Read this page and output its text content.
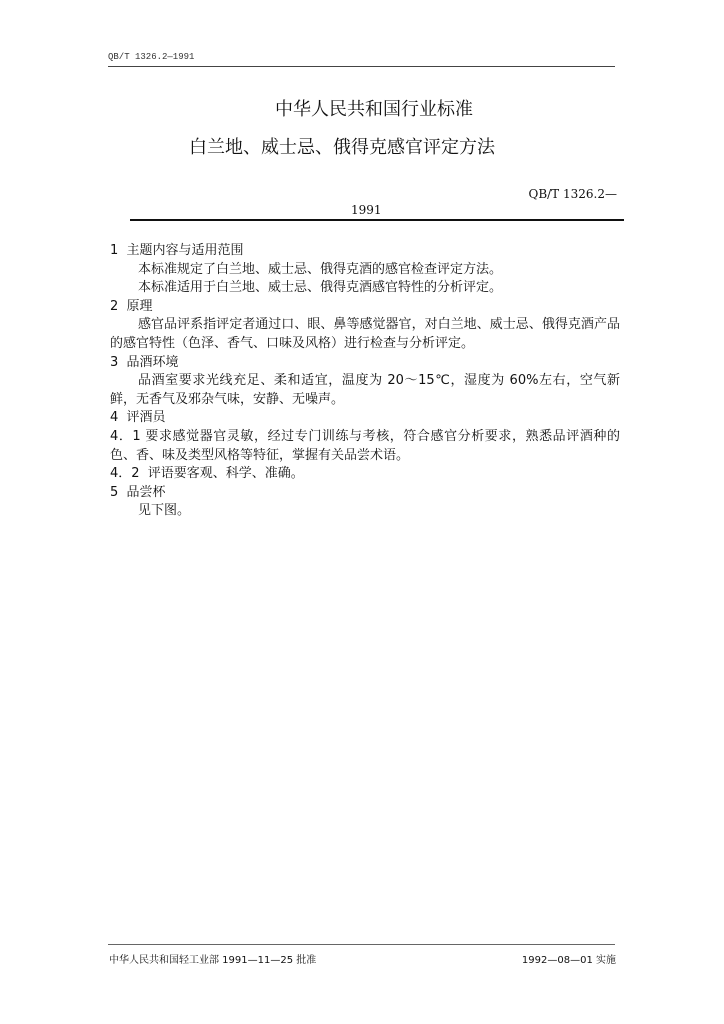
QB/T 1326.2—1991
中华人民共和国行业标准
白兰地、威士忌、俄得克感官评定方法
QB/T 1326.2—
1991
1  主题内容与适用范围
本标准规定了白兰地、威士忌、俄得克酒的感官检查评定方法。
本标准适用于白兰地、威士忌、俄得克酒感官特性的分析评定。
2  原理
感官品评系指评定者通过口、眼、鼻等感觉器官，对白兰地、威士忌、俄得克酒产品的感官特性（色泽、香气、口味及风格）进行检查与分析评定。
3  品酒环境
品酒室要求光线充足、柔和适宜，温度为 20～15℃，湿度为 60%左右，空气新鲜，无香气及邪杂气味，安静、无噪声。
4  评酒员
4．1 要求感觉器官灵敏，经过专门训练与考核，符合感官分析要求，熟悉品评酒种的色、香、味及类型风格等特征，掌握有关品尝术语。
4．2  评语要客观、科学、准确。
5  品尝杯
见下图。
中华人民共和国轻工业部 1991—11—25 批准	1992—08—01 实施
